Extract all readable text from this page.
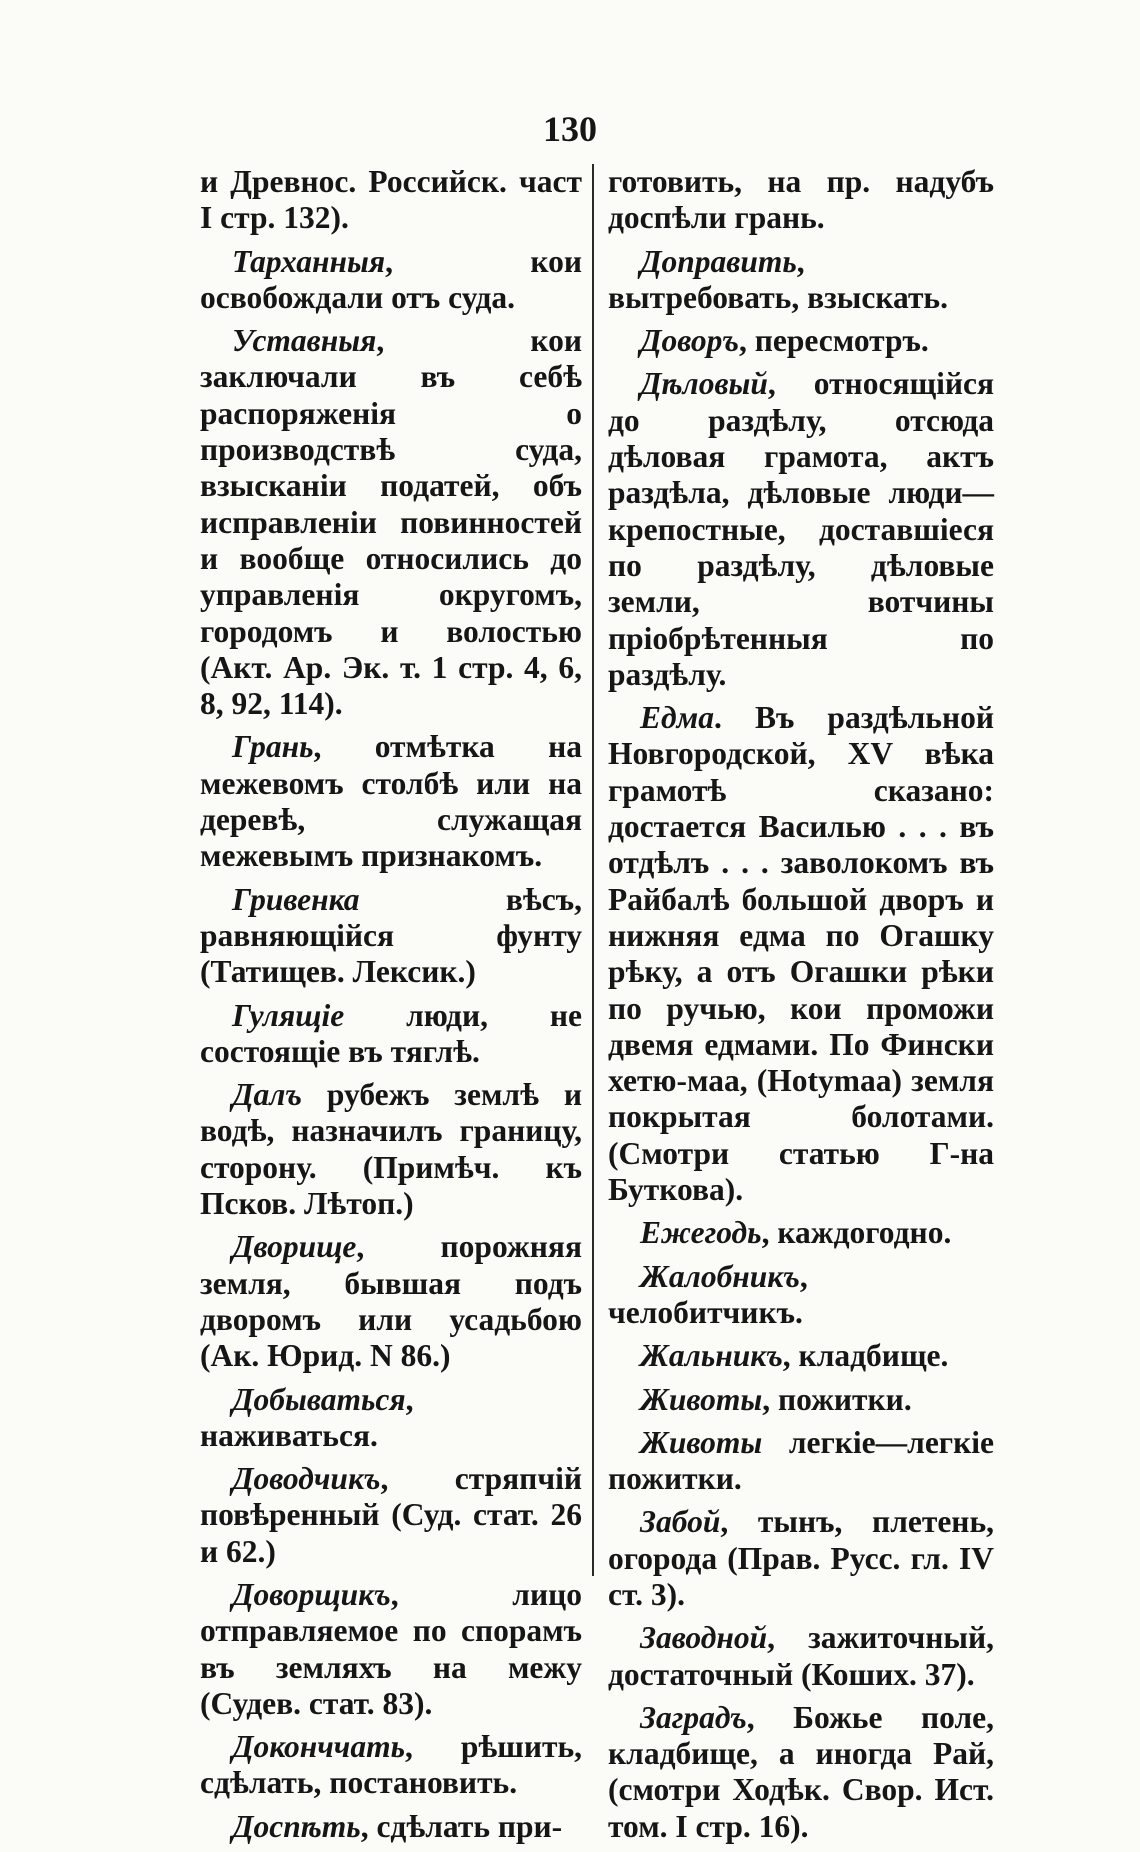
130

и Древнос. Российск. част I стр. 132).

Тарханныя, кои освобождали отъ суда.

Уставныя, кои заключали въ себѣ распоряженія о производствѣ суда, взысканіи податей, объ исправленіи повинностей и вообще относились до управленія округомъ, городомъ и волостью (Акт. Ар. Эк. т. 1 стр. 4, 6, 8, 92, 114).

Грань, отмѣтка на межевомъ столбѣ или на деревѣ, служащая межевымъ признакомъ.

Гривенка вѣсъ, равняющійся фунту (Татищев. Лексик.)

Гулящіе люди, не состоящіе въ тяглѣ.

Далъ рубежъ землѣ и водѣ, назначилъ границу, сторону. (Примѣч. къ Псков. Лѣтоп.)

Дворище, порожняя земля, бывшая подъ дворомъ или усадьбою (Ак. Юрид. N 86.)

Добываться, наживаться.

Доводчикъ, стряпчій повѣренный (Суд. стат. 26 и 62.)

Доворщикъ, лицо отправляемое по спорамъ въ земляхъ на межу (Судев. стат. 83).

Доконччать, рѣшить, сдѣлать, постановить.

Доспѣть, сдѣлать при-

готовить, на пр. надубъ доспѣли грань.

Доправить, вытребовать, взыскать.

Доворъ, пересмотръ.

Дѣловый, относящійся до раздѣлу, отсюда дѣловая грамота, актъ раздѣла, дѣловые люди—крепостные, доставшіеся по раздѣлу, дѣловые земли, вотчины пріобрѣтенныя по раздѣлу.

Едма. Въ раздѣльной Новгородской, XV вѣка грамотѣ сказано: достается Василью . . . въ отдѣлъ . . . заволокомъ въ Райбалѣ большой дворъ и нижняя едма по Огашку рѣку, а отъ Огашки рѣки по ручью, кои проможи двемя едмами. По Фински хетю-маа, (Hotymaa) земля покрытая болотами. (Смотри статью Г-на Буткова).

Ежегодь, каждогодно.

Жалобникъ, челобитчикъ.

Жальникъ, кладбище.

Животы, пожитки.

Животы легкіе—легкіе пожитки.

Забой, тынъ, плетень, огорода (Прав. Русс. гл. IV ст. 3).

Заводной, зажиточный, достаточный (Коших. 37).

Заградъ, Божье поле, кладбище, а иногда Рай, (смотри Ходѣк. Свор. Ист. том. I стр. 16).
